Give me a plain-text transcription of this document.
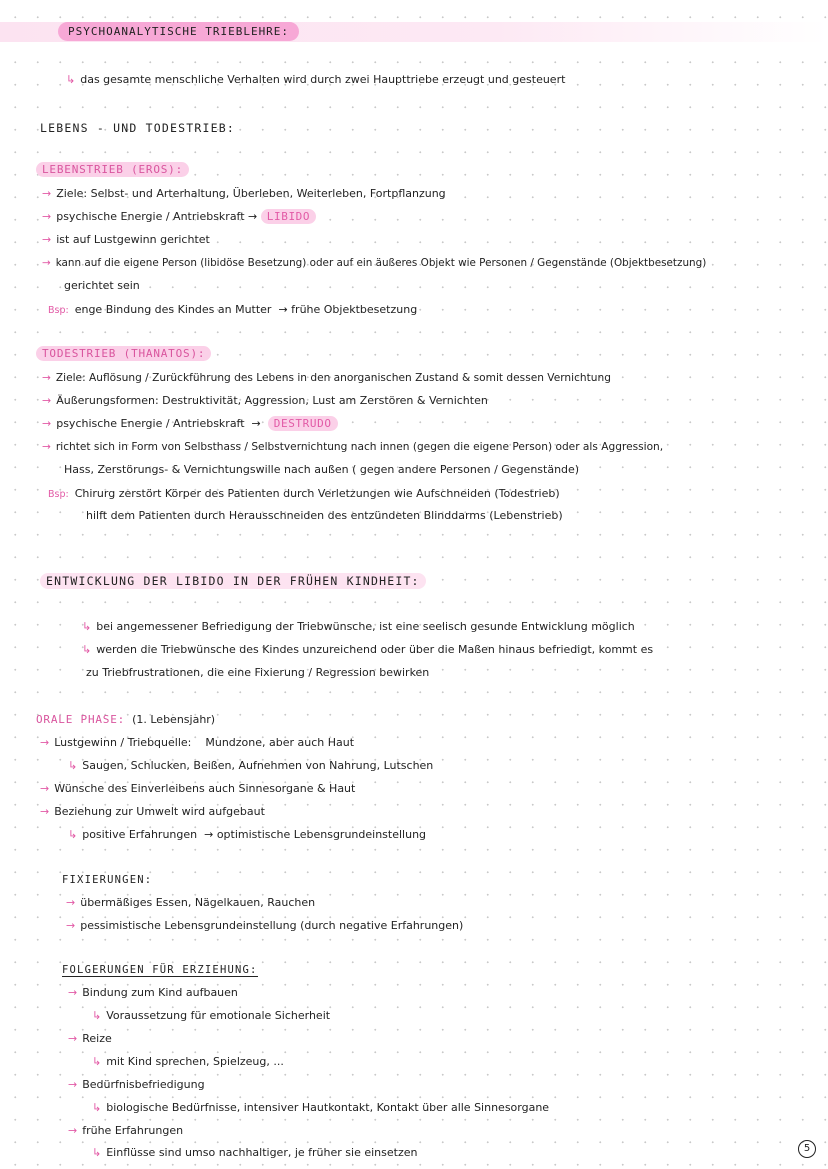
PSYCHOANALYTISCHE TRIEBLEHRE:
↳ das gesamte menschliche Verhalten wird durch zwei Haupttriebe erzeugt und gesteuert
LEBENS - UND TODESTRIEB:
LEBENSTRIEB (EROS):
→ Ziele: Selbst- und Arterhaltung, Überleben, Weiterleben, Fortpflanzung
→ psychische Energie / Antriebskraft → LIBIDO
→ ist auf Lustgewinn gerichtet
→ kann auf die eigene Person (libidöse Besetzung) oder auf ein äußeres Objekt wie Personen / Gegenstände (Objektbesetzung)
gerichtet sein
Bsp: enge Bindung des Kindes an Mutter  → frühe Objektbesetzung
TODESTRIEB (THANATOS):
→ Ziele: Auflösung / Zurückführung des Lebens in den anorganischen Zustand & somit dessen Vernichtung
→ Äußerungsformen: Destruktivität, Aggression, Lust am Zerstören & Vernichten
→ psychische Energie / Antriebskraft  →  DESTRUDO
→ richtet sich in Form von Selbsthass / Selbstvernichtung nach innen (gegen die eigene Person) oder als Aggression,
Hass, Zerstörungs- & Vernichtungswille nach außen ( gegen andere Personen / Gegenstände)
Bsp: Chirurg zerstört Körper des Patienten durch Verletzungen wie Aufschneiden (Todestrieb)
hilft dem Patienten durch Herausschneiden des entzündeten Blinddarms (Lebenstrieb)
ENTWICKLUNG DER LIBIDO IN DER FRÜHEN KINDHEIT:
↳ bei angemessener Befriedigung der Triebwünsche, ist eine seelisch gesunde Entwicklung möglich
↳ werden die Triebwünsche des Kindes unzureichend oder über die Maßen hinaus befriedigt, kommt es
zu Triebfrustrationen, die eine Fixierung / Regression bewirken
ORALE PHASE: (1. Lebensjahr)
→ Lustgewinn / Triebquelle: Mundzone, aber auch Haut
↳ Saugen, Schlucken, Beißen, Aufnehmen von Nahrung, Lutschen
→ Wünsche des Einverleibens auch Sinnesorgane & Haut
→ Beziehung zur Umwelt wird aufgebaut
↳ positive Erfahrungen  → optimistische Lebensgrundeinstellung
FIXIERUNGEN:
→ übermäßiges Essen, Nägelkauen, Rauchen
→ pessimistische Lebensgrundeinstellung (durch negative Erfahrungen)
FOLGERUNGEN FÜR ERZIEHUNG:
→ Bindung zum Kind aufbauen
↳ Voraussetzung für emotionale Sicherheit
→ Reize
↳ mit Kind sprechen, Spielzeug, ...
→ Bedürfnisbefriedigung
↳ biologische Bedürfnisse, intensiver Hautkontakt, Kontakt über alle Sinnesorgane
→ frühe Erfahrungen
↳ Einflüsse sind umso nachhaltiger, je früher sie einsetzen	5
